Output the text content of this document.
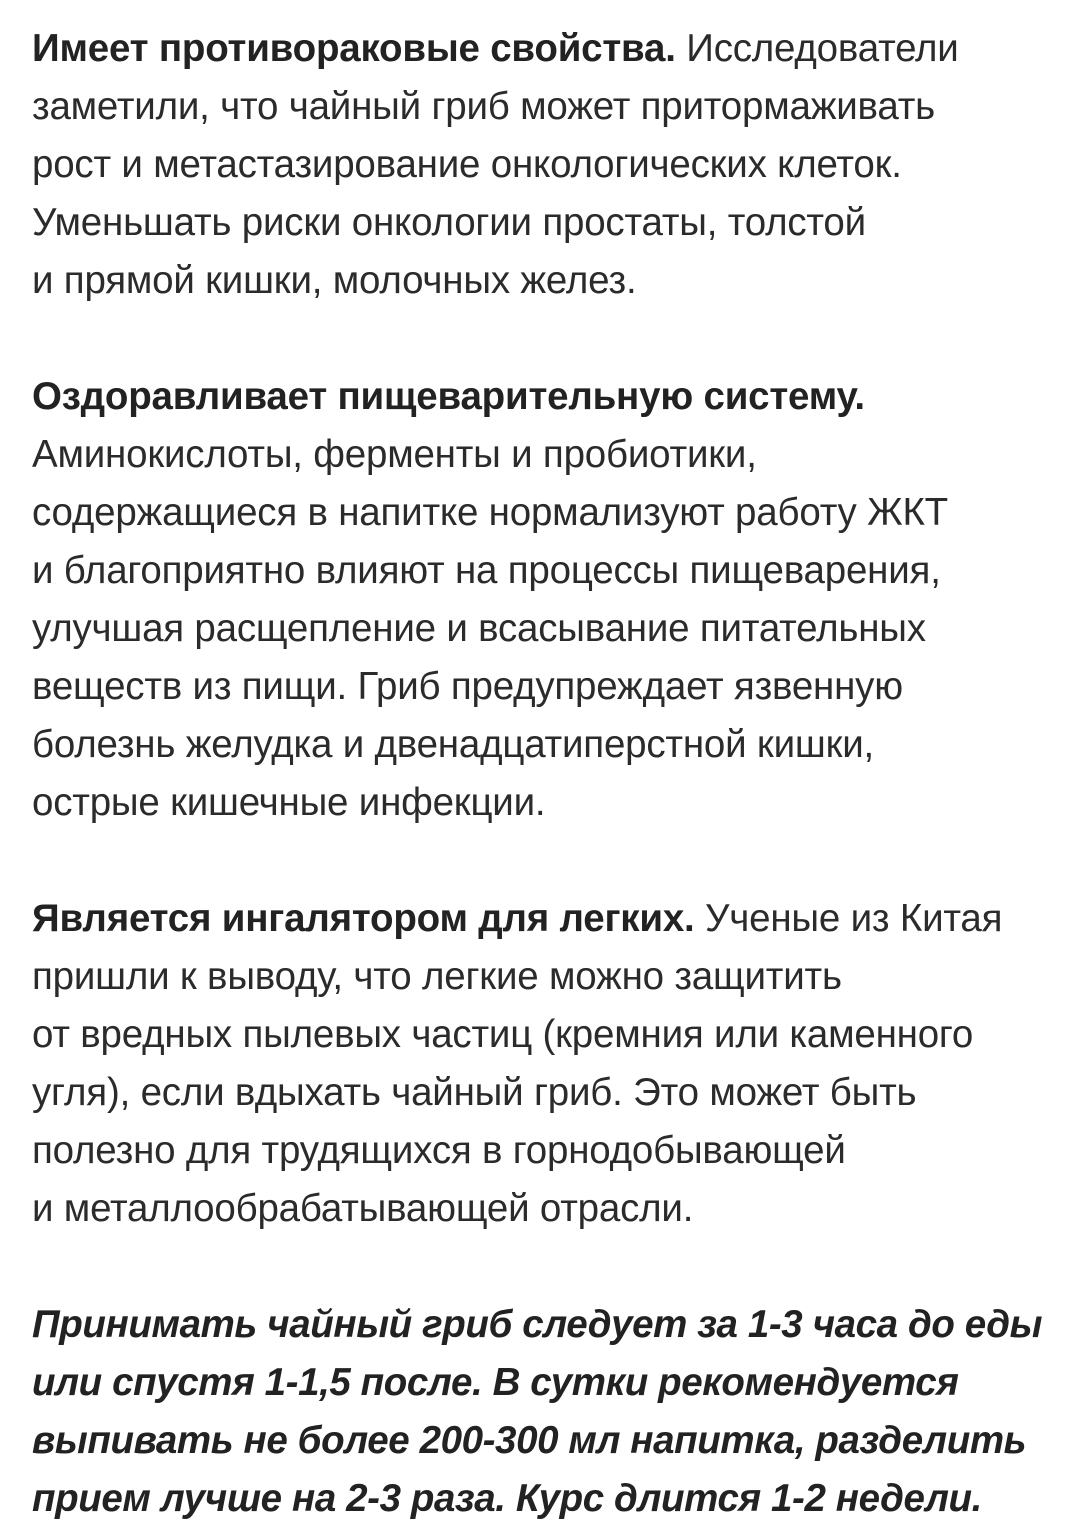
Имеет противораковые свойства. Исследователи
заметили, что чайный гриб может притормаживать
рост и метастазирование онкологических клеток.
Уменьшать риски онкологии простаты, толстой
и прямой кишки, молочных желез.

Оздоравливает пищеварительную систему.
Аминокислоты, ферменты и пробиотики,
содержащиеся в напитке нормализуют работу ЖКТ
и благоприятно влияют на процессы пищеварения,
улучшая расщепление и всасывание питательных
веществ из пищи. Гриб предупреждает язвенную
болезнь желудка и двенадцатиперстной кишки,
острые кишечные инфекции.

Является ингалятором для легких. Ученые из Китая
пришли к выводу, что легкие можно защитить
от вредных пылевых частиц (кремния или каменного
угля), если вдыхать чайный гриб. Это может быть
полезно для трудящихся в горнодобывающей
и металлообрабатывающей отрасли.

Принимать чайный гриб следует за 1-3 часа до еды
или спустя 1-1,5 после. В сутки рекомендуется
выпивать не более 200-300 мл напитка, разделить
прием лучше на 2-3 раза. Курс длится 1-2 недели.
